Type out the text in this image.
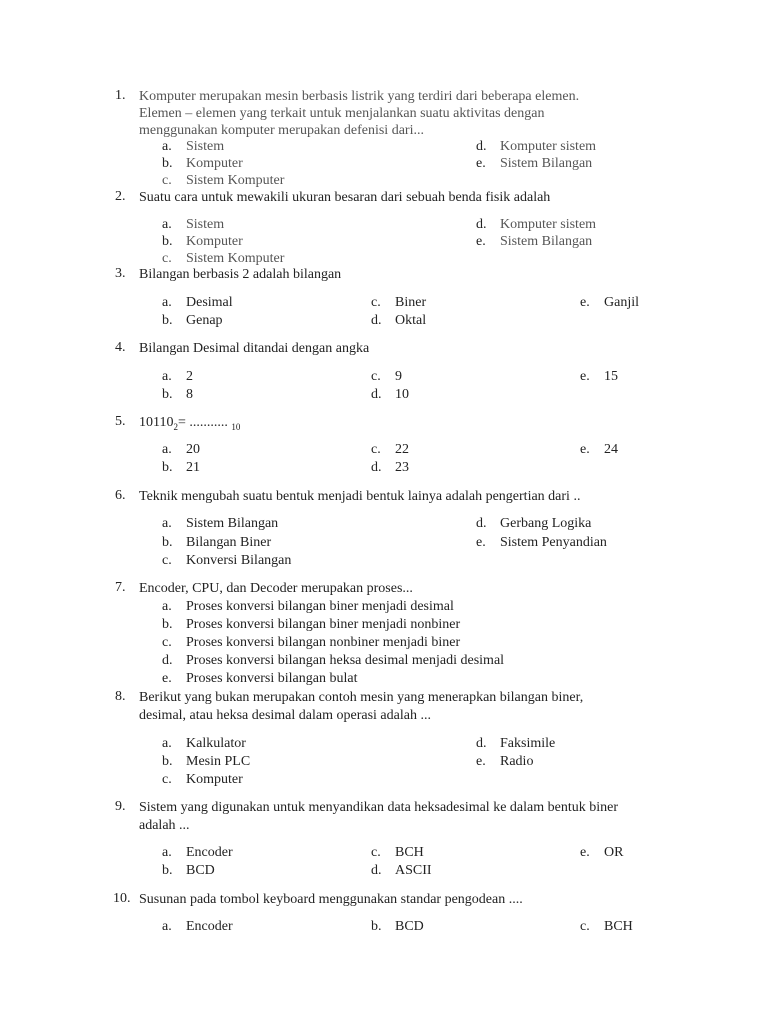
1. Komputer merupakan mesin berbasis listrik yang terdiri dari beberapa elemen.
Elemen – elemen yang terkait untuk menjalankan suatu aktivitas dengan
menggunakan komputer merupakan defenisi dari...
a. Sistem
b. Komputer
c. Sistem Komputer
d. Komputer sistem
e. Sistem Bilangan
2. Suatu cara untuk mewakili ukuran besaran dari sebuah benda fisik adalah
a. Sistem
b. Komputer
c. Sistem Komputer
d. Komputer sistem
e. Sistem Bilangan
3. Bilangan berbasis 2 adalah bilangan
a. Desimal
b. Genap
c. Biner
d. Oktal
e. Ganjil
4. Bilangan Desimal ditandai dengan angka
a. 2
b. 8
c. 9
d. 10
e. 15
5. $10110_2=$ ........... $_{10}$
a. 20
b. 21
c. 22
d. 23
e. 24
6. Teknik mengubah suatu bentuk menjadi bentuk lainya adalah pengertian dari ..
a. Sistem Bilangan
b. Bilangan Biner
c. Konversi Bilangan
d. Gerbang Logika
e. Sistem Penyandian
7. Encoder, CPU, dan Decoder merupakan proses...
a. Proses konversi bilangan biner menjadi desimal
b. Proses konversi bilangan biner menjadi nonbiner
c. Proses konversi bilangan nonbiner menjadi biner
d. Proses konversi bilangan heksa desimal menjadi desimal
e. Proses konversi bilangan bulat
8. Berikut yang bukan merupakan contoh mesin yang menerapkan bilangan biner,
desimal, atau heksa desimal dalam operasi adalah ...
a. Kalkulator
b. Mesin PLC
c. Komputer
d. Faksimile
e. Radio
9. Sistem yang digunakan untuk menyandikan data heksadesimal ke dalam bentuk biner
adalah ...
a. Encoder
b. BCD
c. BCH
d. ASCII
e. OR
10. Susunan pada tombol keyboard menggunakan standar pengodean ....
a. Encoder	b. BCD	c. BCH
